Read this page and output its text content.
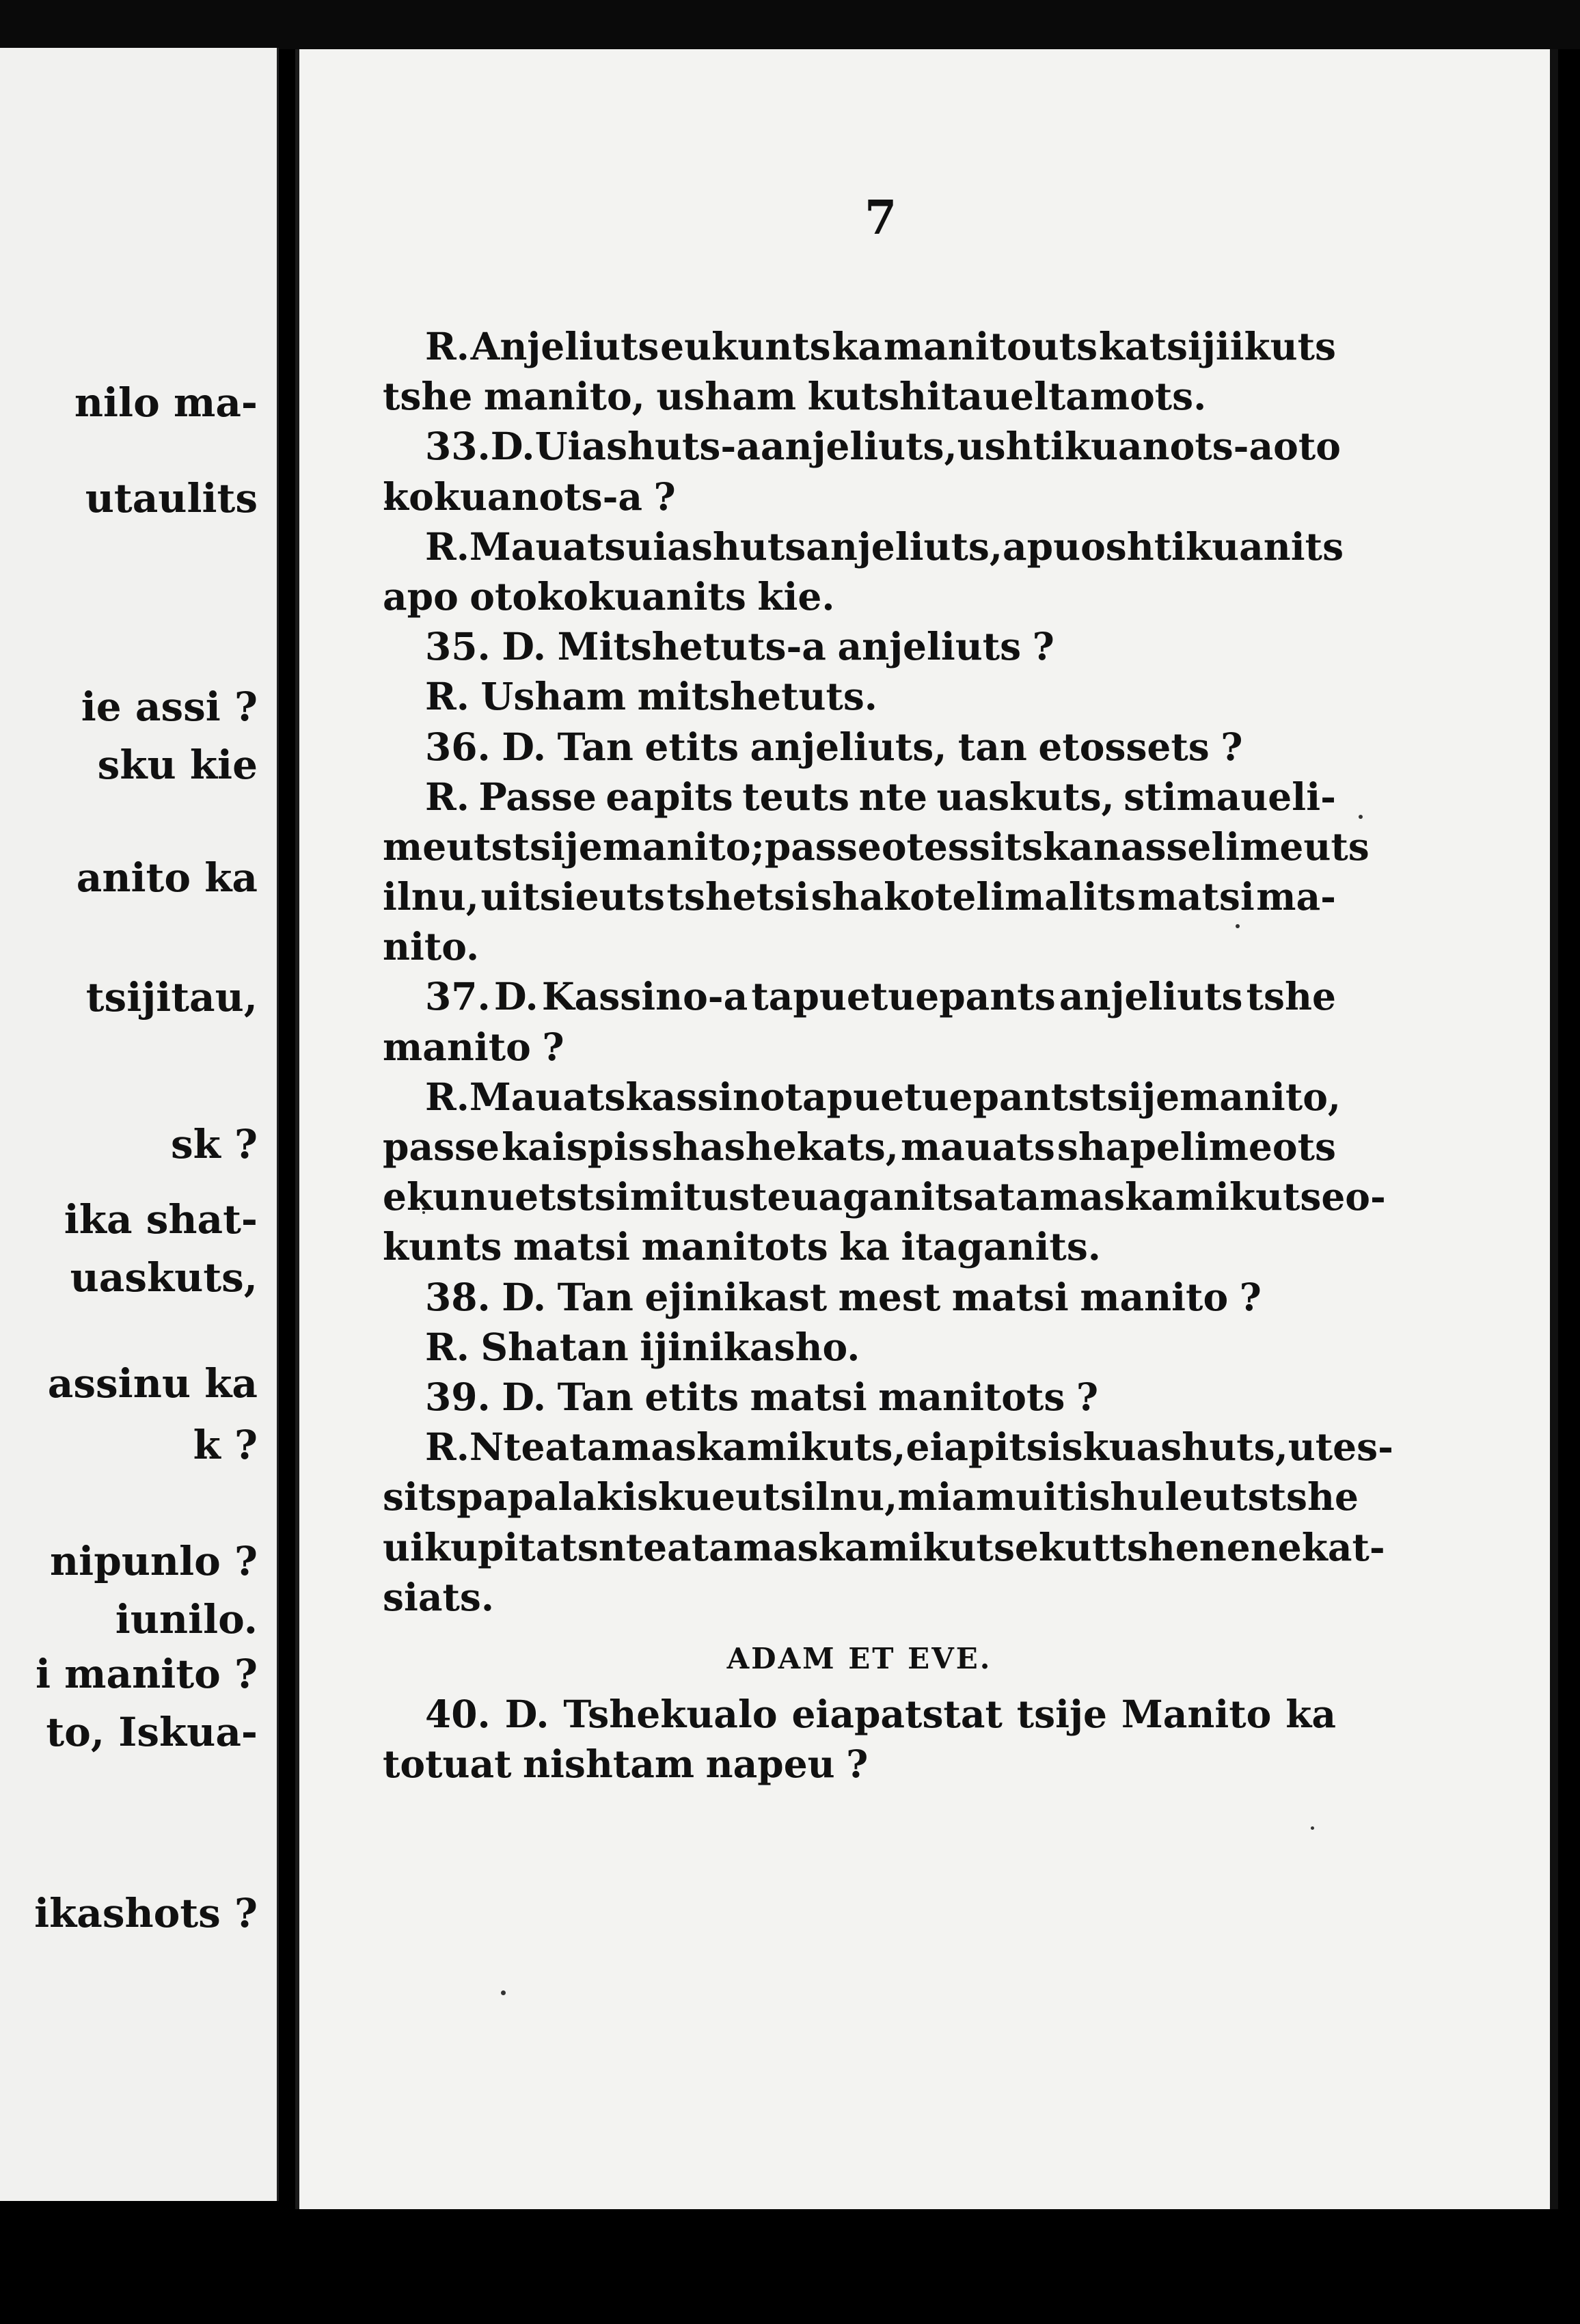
nilo ma-
utaulits
ie assi ?
sku kie
anito ka
tsijitau,
sk ?
ika shat-
uaskuts,
assinu ka
k ?
nipunlo ?
iunilo.
i manito ?
to, Iskua-
ikashots ?
7
R. Anjeliuts eukunts ka manitouts katsijiikuts
tshe manito, usham kutshitaueltamots.
33. D. Uiashuts-a anjeliuts, ushtikuanots-a oto
kokuanots-a ?
R. Mauats uiashuts anjeliuts, apu oshtikuanits
apo otokokuanits kie.
35. D. Mitshetuts-a anjeliuts ?
R. Usham mitshetuts.
36. D. Tan etits anjeliuts, tan etossets ?
R. Passe eapits teuts nte uaskuts, stimaueli-
meuts tsije manito ; passe otessits kanasselimeuts
ilnu, uitsieuts tshetsi shakotelimalits matsi ma-
nito.
37. D. Kassino-a tapuetuepants anjeliuts tshe
manito ?
R. Mauats kassino tapuetuepants tsije manito,
passe kaispis shashekats, mauats shapelimeots
ekun uets tsi mitusteuaganits atamaskamikuts eo-
kunts matsi manitots ka itaganits.
38. D. Tan ejinikast mest matsi manito ?
R. Shatan ijinikasho.
39. D. Tan etits matsi manitots ?
R. Nte atamaskamikuts, eiapits iskuashuts, utes-
sits papa lakiskueuts ilnu, miam ui tishuleuts tshe
uikupitats nte atamaskamikuts ekut tshe nenekat-
siats.
ADAM ET EVE.
40. D. Tshekualo eiapatstat tsije Manito ka
totuat nishtam napeu ?
